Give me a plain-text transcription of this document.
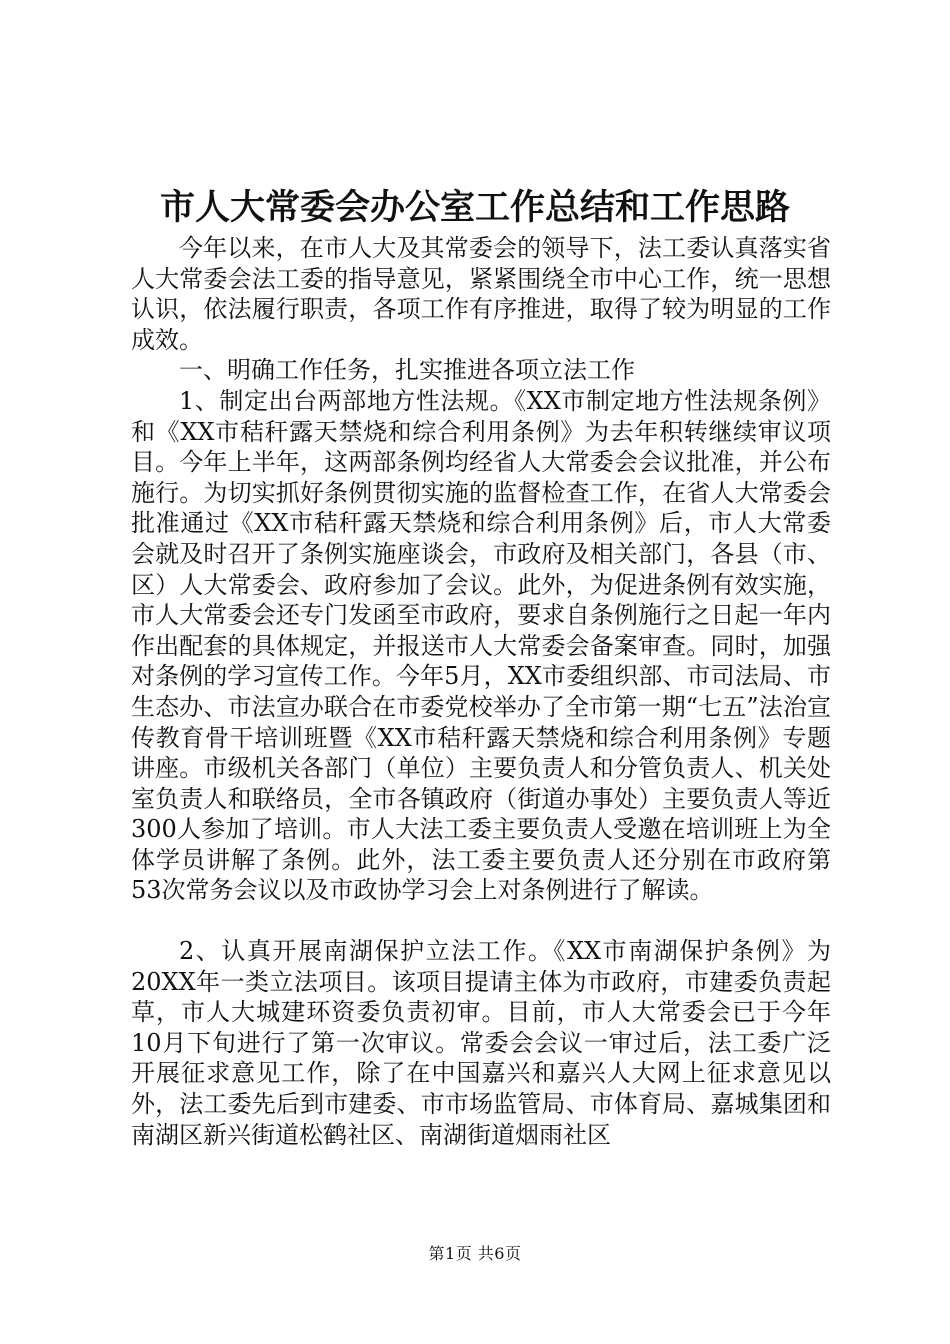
市人大常委会办公室工作总结和工作思路

今年以来，在市人大及其常委会的领导下，法工委认真落实省人大常委会法工委的指导意见，紧紧围绕全市中心工作，统一思想认识，依法履行职责，各项工作有序推进，取得了较为明显的工作成效。

一、明确工作任务，扎实推进各项立法工作

1、制定出台两部地方性法规。《XX市制定地方性法规条例》和《XX市秸秆露天禁烧和综合利用条例》为去年积转继续审议项目。今年上半年，这两部条例均经省人大常委会会议批准，并公布施行。为切实抓好条例贯彻实施的监督检查工作，在省人大常委会批准通过《XX市秸秆露天禁烧和综合利用条例》后，市人大常委会就及时召开了条例实施座谈会，市政府及相关部门，各县（市、区）人大常委会、政府参加了会议。此外，为促进条例有效实施，市人大常委会还专门发函至市政府，要求自条例施行之日起一年内作出配套的具体规定，并报送市人大常委会备案审查。同时，加强对条例的学习宣传工作。今年5月，XX市委组织部、市司法局、市生态办、市法宣办联合在市委党校举办了全市第一期“七五”法治宣传教育骨干培训班暨《XX市秸秆露天禁烧和综合利用条例》专题讲座。市级机关各部门（单位）主要负责人和分管负责人、机关处室负责人和联络员，全市各镇政府（街道办事处）主要负责人等近300人参加了培训。市人大法工委主要负责人受邀在培训班上为全体学员讲解了条例。此外，法工委主要负责人还分别在市政府第53次常务会议以及市政协学习会上对条例进行了解读。

2、认真开展南湖保护立法工作。《XX市南湖保护条例》为20XX年一类立法项目。该项目提请主体为市政府，市建委负责起草，市人大城建环资委负责初审。目前，市人大常委会已于今年10月下旬进行了第一次审议。常委会会议一审过后，法工委广泛开展征求意见工作，除了在中国嘉兴和嘉兴人大网上征求意见以外，法工委先后到市建委、市市场监管局、市体育局、嘉城集团和南湖区新兴街道松鹤社区、南湖街道烟雨社区

第1页 共6页
